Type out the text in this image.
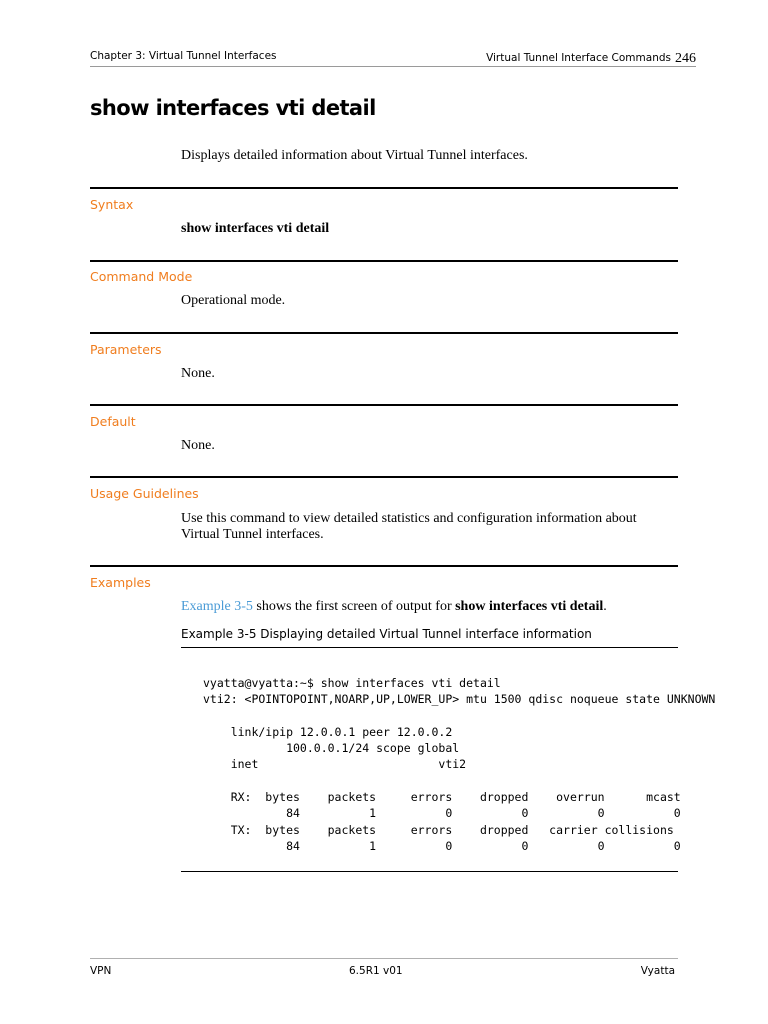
Chapter 3: Virtual Tunnel Interfaces	Virtual Tunnel Interface Commands 246
show interfaces vti detail
Displays detailed information about Virtual Tunnel interfaces.
Syntax
show interfaces vti detail
Command Mode
Operational mode.
Parameters
None.
Default
None.
Usage Guidelines
Use this command to view detailed statistics and configuration information about
Virtual Tunnel interfaces.
Examples
Example 3-5 shows the first screen of output for show interfaces vti detail.
Example 3-5 Displaying detailed Virtual Tunnel interface information
vyatta@vyatta:~$ show interfaces vti detail
vti2: <POINTOPOINT,NOARP,UP,LOWER_UP> mtu 1500 qdisc noqueue state UNKNOWN

link/ipip 12.0.0.1 peer 12.0.0.2
100.0.0.1/24 scope global
inet                          vti2

RX:  bytes    packets     errors    dropped    overrun      mcast
84          1          0          0          0          0
TX:  bytes    packets     errors    dropped   carrier collisions
84          1          0          0          0          0
VPN	6.5R1 v01	Vyatta
